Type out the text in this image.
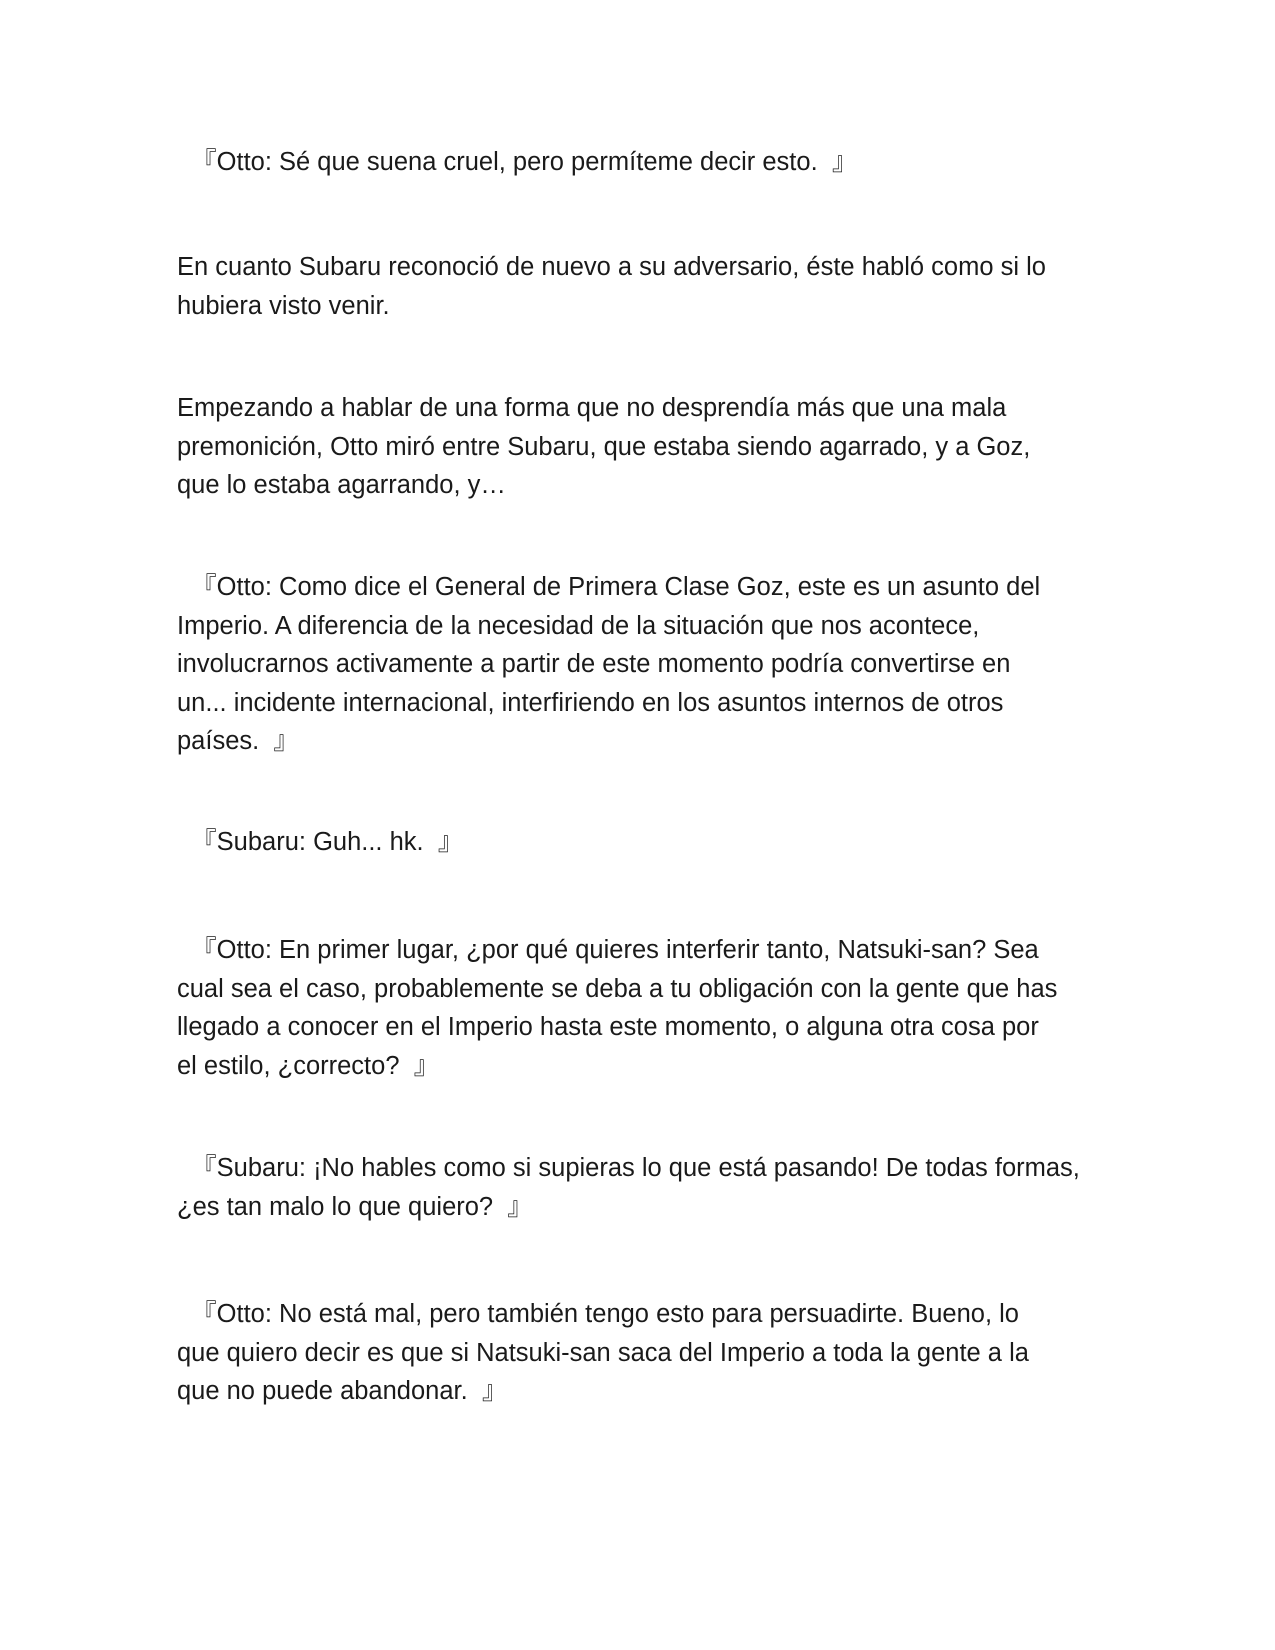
『Otto: Sé que suena cruel, pero permíteme decir esto.  』

En cuanto Subaru reconoció de nuevo a su adversario, éste habló como si lo
hubiera visto venir.

Empezando a hablar de una forma que no desprendía más que una mala
premonición, Otto miró entre Subaru, que estaba siendo agarrado, y a Goz,
que lo estaba agarrando, y…

『Otto: Como dice el General de Primera Clase Goz, este es un asunto del
Imperio. A diferencia de la necesidad de la situación que nos acontece,
involucrarnos activamente a partir de este momento podría convertirse en
un... incidente internacional, interfiriendo en los asuntos internos de otros
países.  』

『Subaru: Guh... hk.  』

『Otto: En primer lugar, ¿por qué quieres interferir tanto, Natsuki-san? Sea
cual sea el caso, probablemente se deba a tu obligación con la gente que has
llegado a conocer en el Imperio hasta este momento, o alguna otra cosa por
el estilo, ¿correcto?  』

『Subaru: ¡No hables como si supieras lo que está pasando! De todas formas,
¿es tan malo lo que quiero?  』

『Otto: No está mal, pero también tengo esto para persuadirte. Bueno, lo
que quiero decir es que si Natsuki-san saca del Imperio a toda la gente a la
que no puede abandonar.  』
